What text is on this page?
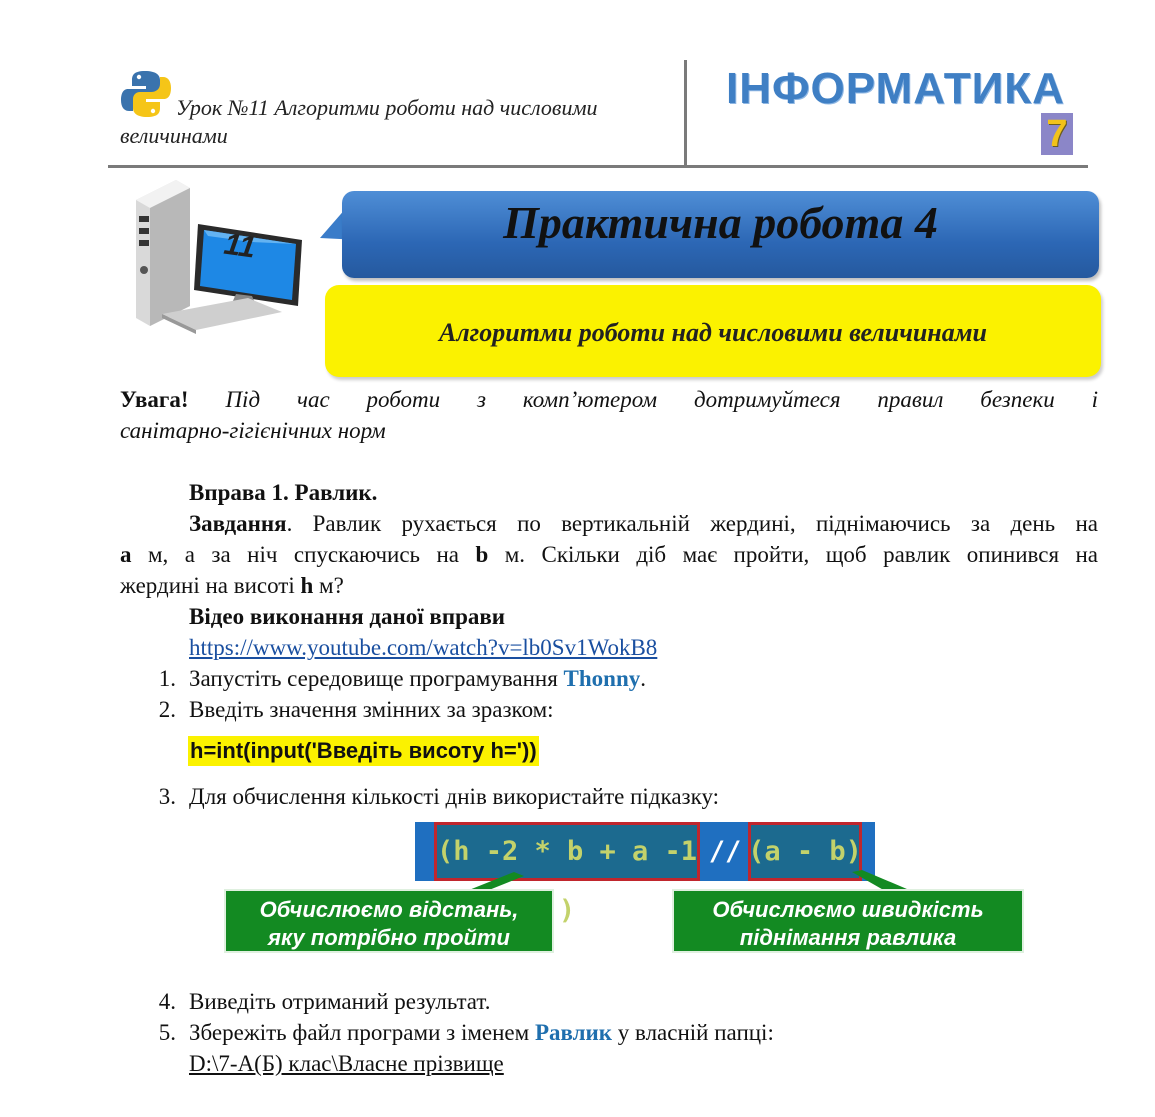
Урок №11 Алгоритми роботи над числовими величинами
ІНФОРМАТИКА
7
11	Практична робота 4
Алгоритми роботи над числовими величинами
Увага! Під час роботи з комп’ютером дотримуйтеся правил безпеки і
санітарно-гігієнічних норм
Вправа 1. Равлик.
Завдання. Равлик рухається по вертикальній жердині, піднімаючись за день на
a м, а за ніч спускаючись на b м. Скільки діб має пройти, щоб равлик опинився на
жердині на висоті h м?
Відео виконання даної вправи
https://www.youtube.com/watch?v=lb0Sv1WokB8
1. Запустіть середовище програмування Thonny.
2. Введіть значення змінних за зразком:
h=int(input('Введіть висоту h='))
3. Для обчислення кількості днів використайте підказку:
(h -2 * b + a -1 )
// (a - b)
Обчислюємо відстань,
яку потрібно пройти
Обчислюємо швидкість
піднімання равлика
4. Виведіть отриманий результат.
5. Збережіть файл програми з іменем Равлик у власній папці:
D:\7-А(Б) клас\Власне прізвище
